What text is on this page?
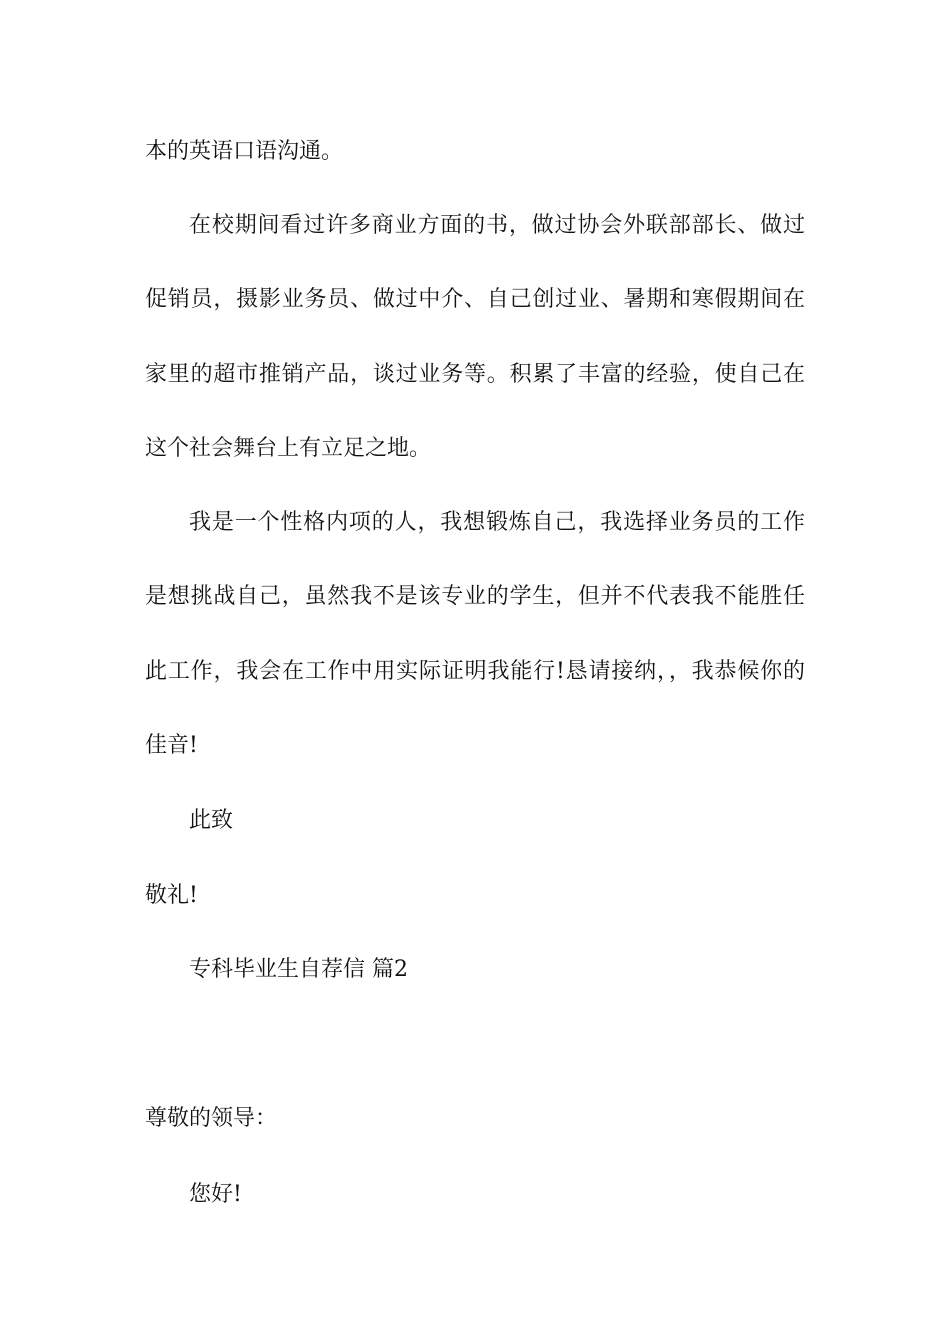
本的英语口语沟通。
在校期间看过许多商业方面的书，做过协会外联部部长、做过
促销员，摄影业务员、做过中介、自己创过业、暑期和寒假期间在
家里的超市推销产品，谈过业务等。积累了丰富的经验，使自己在
这个社会舞台上有立足之地。
我是一个性格内项的人，我想锻炼自己，我选择业务员的工作
是想挑战自己，虽然我不是该专业的学生，但并不代表我不能胜任
此工作，我会在工作中用实际证明我能行!恳请接纳，，我恭候你的
佳音!
此致
敬礼!
专科毕业生自荐信 篇2
尊敬的领导：
您好!
